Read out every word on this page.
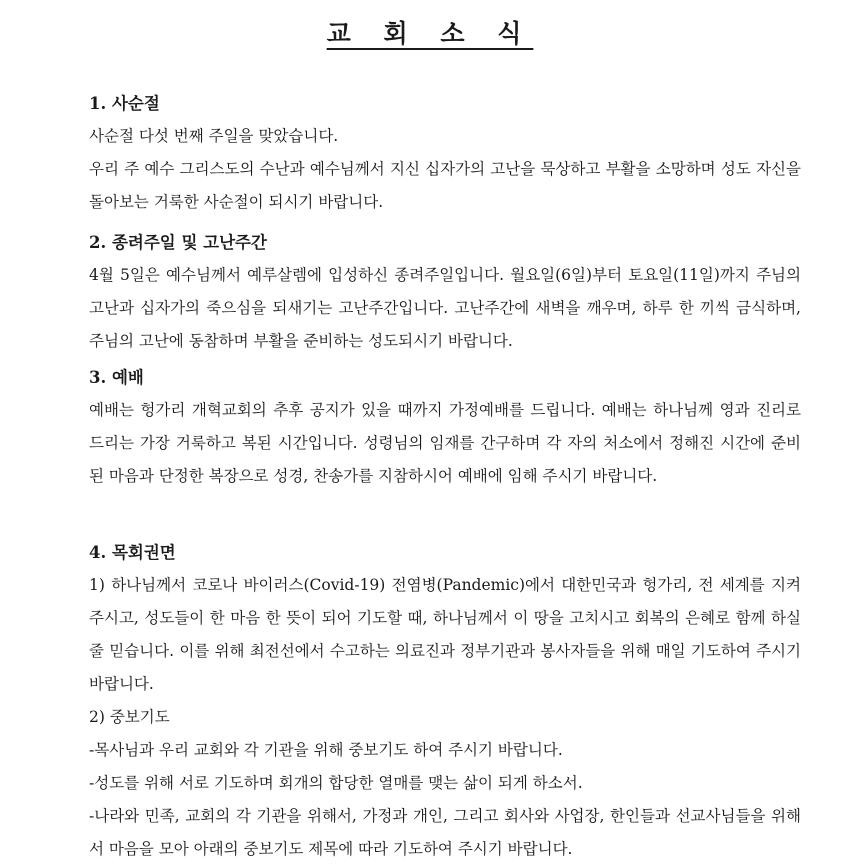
교 회 소 식
1. 사순절
사순절 다섯 번째 주일을 맞았습니다.
우리 주 예수 그리스도의 수난과 예수님께서 지신 십자가의 고난을 묵상하고 부활을 소망하며 성도 자신을 돌아보는 거룩한 사순절이 되시기 바랍니다.
2. 종려주일 및 고난주간
4월 5일은 예수님께서 예루살렘에 입성하신 종려주일입니다. 월요일(6일)부터 토요일(11일)까지 주님의 고난과 십자가의 죽으심을 되새기는 고난주간입니다. 고난주간에 새벽을 깨우며, 하루 한 끼씩 금식하며, 주님의 고난에 동참하며 부활을 준비하는 성도되시기 바랍니다.
3. 예배
예배는 헝가리 개혁교회의 추후 공지가 있을 때까지 가정예배를 드립니다. 예배는 하나님께 영과 진리로 드리는 가장 거룩하고 복된 시간입니다. 성령님의 임재를 간구하며 각 자의 처소에서 정해진 시간에 준비된 마음과 단정한 복장으로 성경, 찬송가를 지참하시어 예배에 임해 주시기 바랍니다.
4. 목회권면
1) 하나님께서 코로나 바이러스(Covid-19) 전염병(Pandemic)에서 대한민국과 헝가리, 전 세계를 지켜주시고, 성도들이 한 마음 한 뜻이 되어 기도할 때, 하나님께서 이 땅을 고치시고 회복의 은혜로 함께 하실 줄 믿습니다. 이를 위해 최전선에서 수고하는 의료진과 정부기관과 봉사자들을 위해 매일 기도하여 주시기 바랍니다.
2) 중보기도
-목사님과 우리 교회와 각 기관을 위해 중보기도 하여 주시기 바랍니다.
-성도를 위해 서로 기도하며 회개의 합당한 열매를 맺는 삶이 되게 하소서.
-나라와 민족, 교회의 각 기관을 위해서, 가정과 개인, 그리고 회사와 사업장, 한인들과 선교사님들을 위해서 마음을 모아 아래의 중보기도 제목에 따라 기도하여 주시기 바랍니다.
